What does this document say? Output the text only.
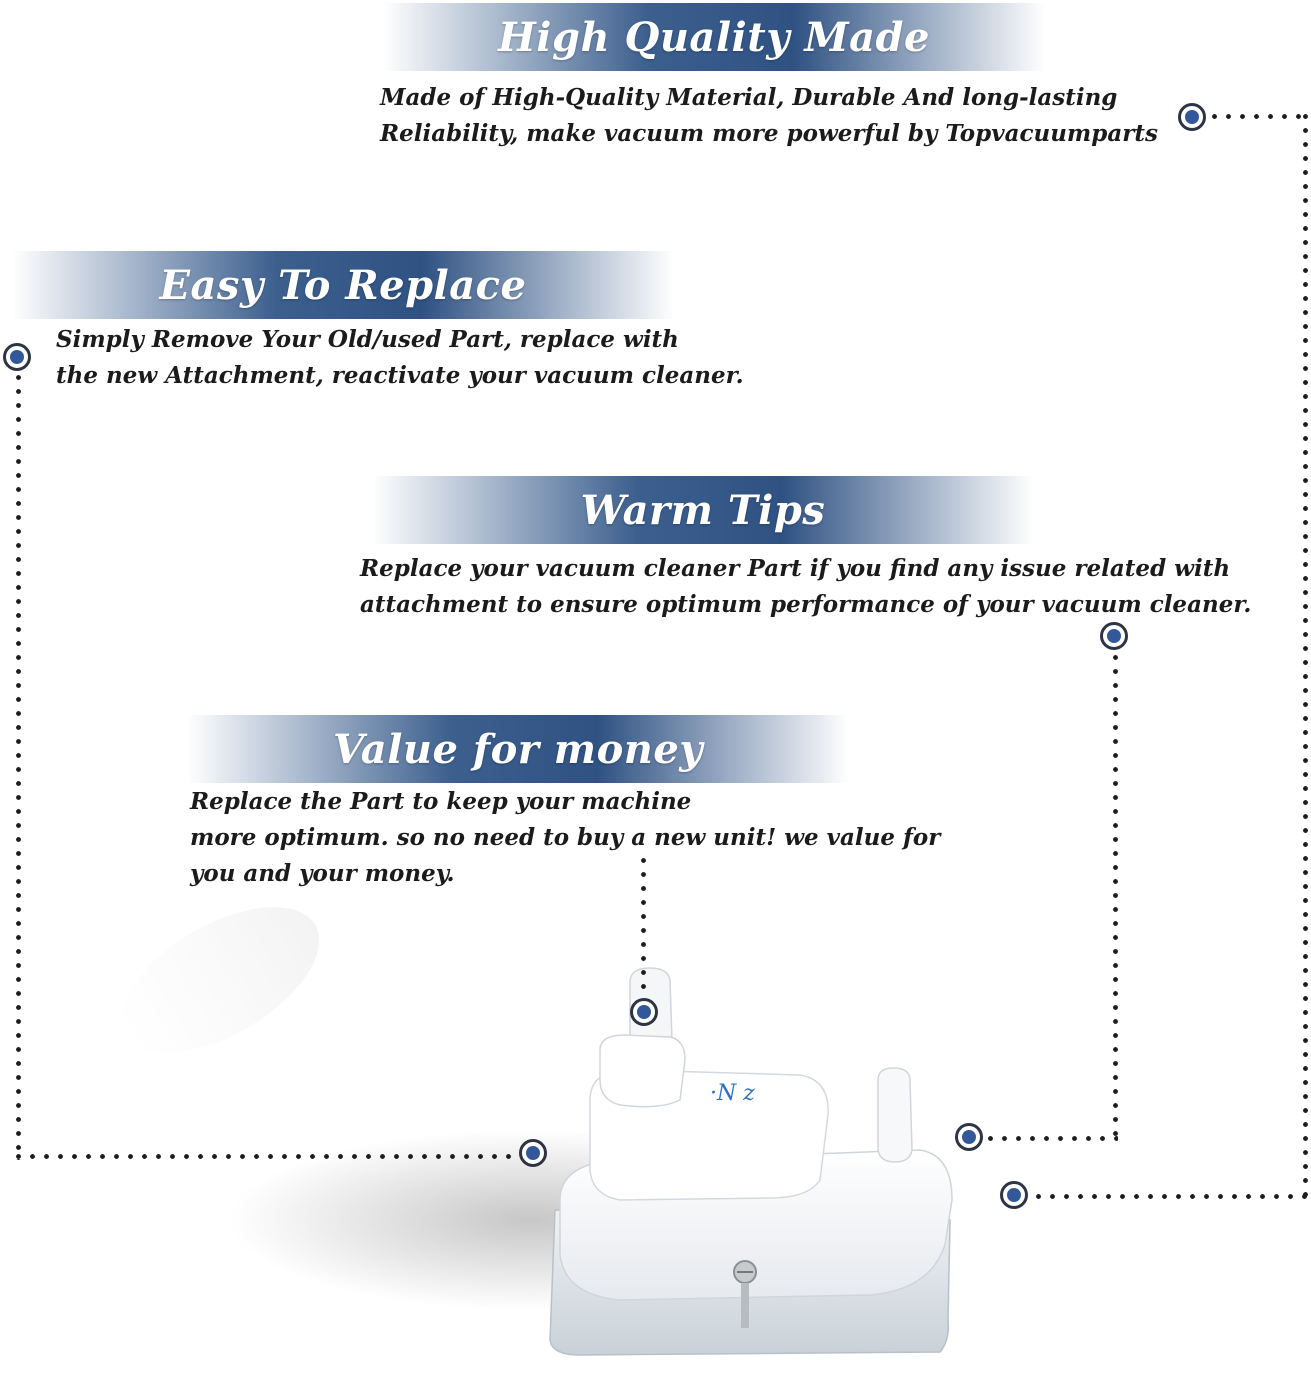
High Quality Made
Made of High-Quality Material, Durable And long-lasting
Reliability, make vacuum more powerful by Topvacuumparts
Easy To Replace
Simply Remove Your Old/used Part, replace with
the new Attachment, reactivate your vacuum cleaner.
Warm Tips
Replace your vacuum cleaner Part if you find any issue related with
attachment to ensure optimum performance of your vacuum cleaner.
Value for money
Replace the Part to keep your machine
more optimum. so no need to buy a new unit! we value for
you and your money.
·N z
